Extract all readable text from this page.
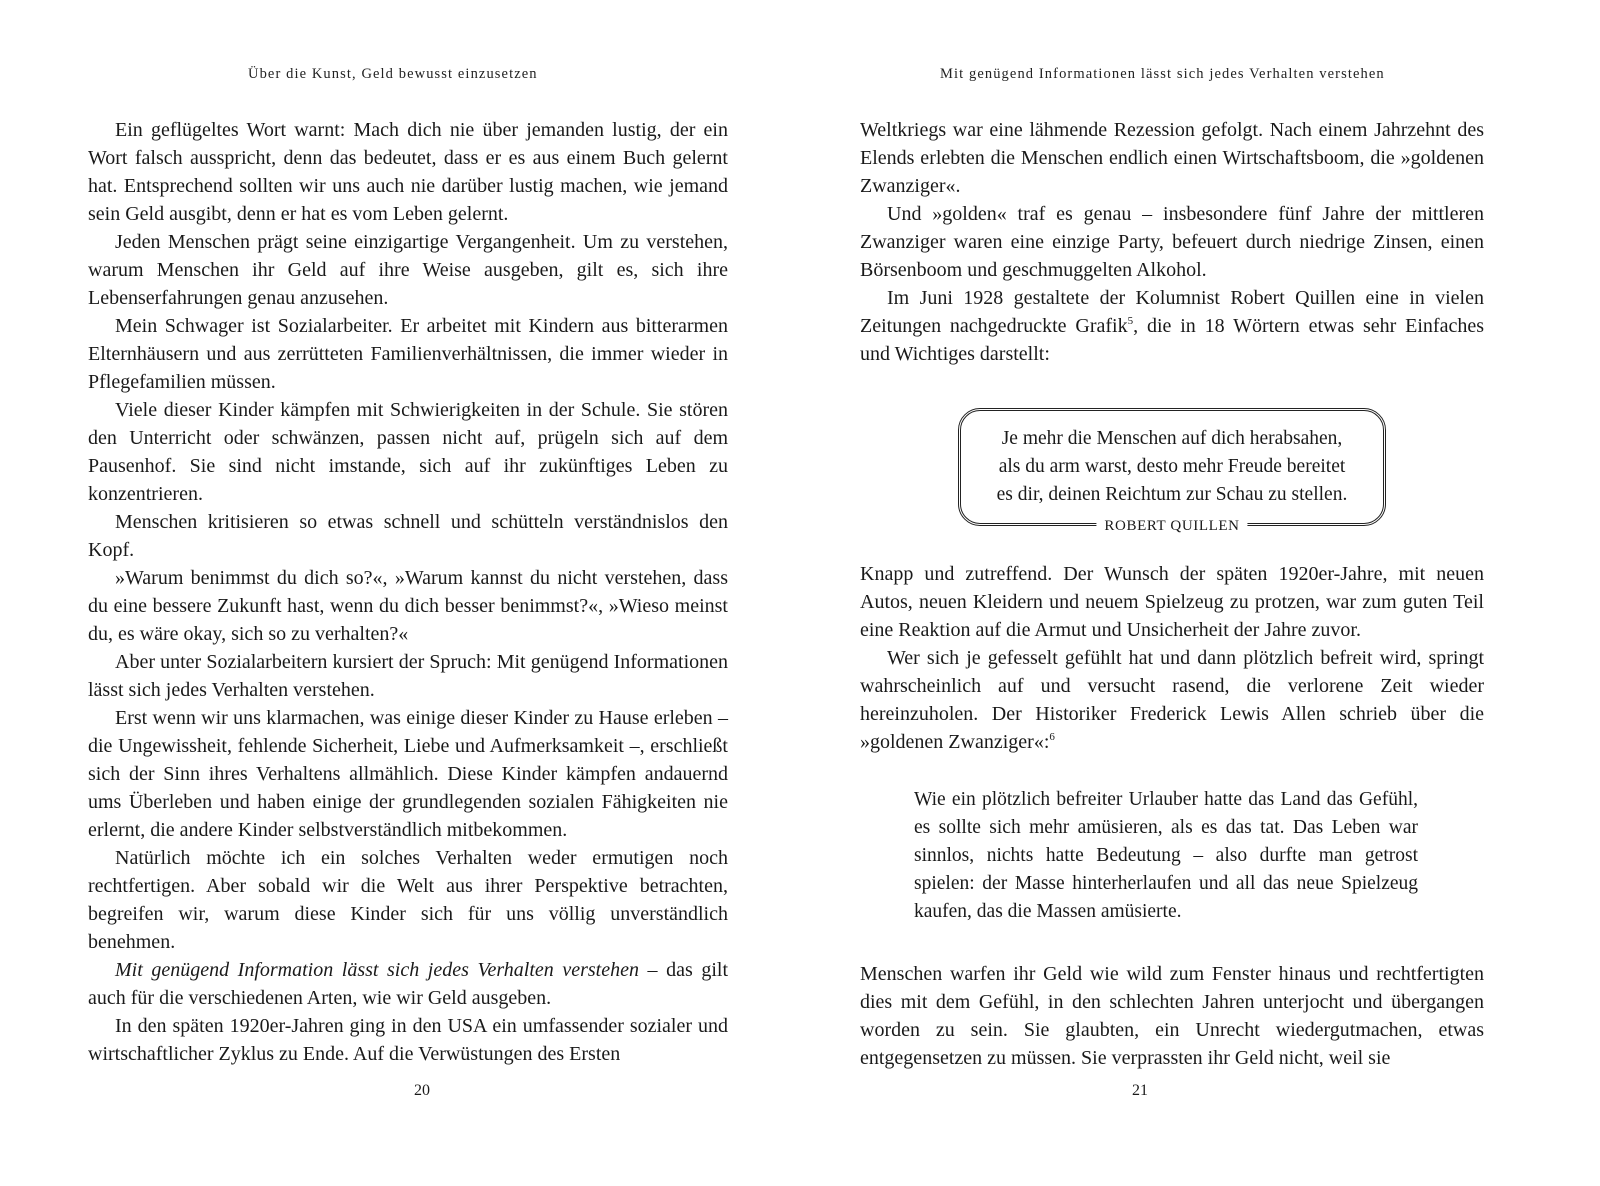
Über die Kunst, Geld bewusst einzusetzen

Ein geflügeltes Wort warnt: Mach dich nie über jemanden lustig, der ein Wort falsch ausspricht, denn das bedeutet, dass er es aus einem Buch gelernt hat. Entsprechend sollten wir uns auch nie darüber lustig machen, wie jemand sein Geld ausgibt, denn er hat es vom Leben gelernt.

Jeden Menschen prägt seine einzigartige Vergangenheit. Um zu verstehen, warum Menschen ihr Geld auf ihre Weise ausgeben, gilt es, sich ihre Lebenserfahrungen genau anzusehen.

Mein Schwager ist Sozialarbeiter. Er arbeitet mit Kindern aus bitterarmen Elternhäusern und aus zerrütteten Familienverhältnissen, die immer wieder in Pflegefamilien müssen.

Viele dieser Kinder kämpfen mit Schwierigkeiten in der Schule. Sie stören den Unterricht oder schwänzen, passen nicht auf, prügeln sich auf dem Pausenhof. Sie sind nicht imstande, sich auf ihr zukünftiges Leben zu konzentrieren.

Menschen kritisieren so etwas schnell und schütteln verständnislos den Kopf.

»Warum benimmst du dich so?«, »Warum kannst du nicht verstehen, dass du eine bessere Zukunft hast, wenn du dich besser benimmst?«, »Wieso meinst du, es wäre okay, sich so zu verhalten?«

Aber unter Sozialarbeitern kursiert der Spruch: Mit genügend Informationen lässt sich jedes Verhalten verstehen.

Erst wenn wir uns klarmachen, was einige dieser Kinder zu Hause erleben – die Ungewissheit, fehlende Sicherheit, Liebe und Aufmerksamkeit –, erschließt sich der Sinn ihres Verhaltens allmählich. Diese Kinder kämpfen andauernd ums Überleben und haben einige der grundlegenden sozialen Fähigkeiten nie erlernt, die andere Kinder selbstverständlich mitbekommen.

Natürlich möchte ich ein solches Verhalten weder ermutigen noch rechtfertigen. Aber sobald wir die Welt aus ihrer Perspektive betrachten, begreifen wir, warum diese Kinder sich für uns völlig unverständlich benehmen.

Mit genügend Information lässt sich jedes Verhalten verstehen – das gilt auch für die verschiedenen Arten, wie wir Geld ausgeben.

In den späten 1920er-Jahren ging in den USA ein umfassender sozialer und wirtschaftlicher Zyklus zu Ende. Auf die Verwüstungen des Ersten

20
Mit genügend Informationen lässt sich jedes Verhalten verstehen

Weltkriegs war eine lähmende Rezession gefolgt. Nach einem Jahrzehnt des Elends erlebten die Menschen endlich einen Wirtschaftsboom, die »goldenen Zwanziger«.

Und »golden« traf es genau – insbesondere fünf Jahre der mittleren Zwanziger waren eine einzige Party, befeuert durch niedrige Zinsen, einen Börsenboom und geschmuggelten Alkohol.

Im Juni 1928 gestaltete der Kolumnist Robert Quillen eine in vielen Zeitungen nachgedruckte Grafik$^5$, die in 18 Wörtern etwas sehr Einfaches und Wichtiges darstellt:

Je mehr die Menschen auf dich herabsahen,
als du arm warst, desto mehr Freude bereitet
es dir, deinen Reichtum zur Schau zu stellen.
ROBERT QUILLEN

Knapp und zutreffend. Der Wunsch der späten 1920er-Jahre, mit neuen Autos, neuen Kleidern und neuem Spielzeug zu protzen, war zum guten Teil eine Reaktion auf die Armut und Unsicherheit der Jahre zuvor.

Wer sich je gefesselt gefühlt hat und dann plötzlich befreit wird, springt wahrscheinlich auf und versucht rasend, die verlorene Zeit wieder hereinzuholen. Der Historiker Frederick Lewis Allen schrieb über die »goldenen Zwanziger«:$^6$

Wie ein plötzlich befreiter Urlauber hatte das Land das Gefühl, es sollte sich mehr amüsieren, als es das tat. Das Leben war sinnlos, nichts hatte Bedeutung – also durfte man getrost spielen: der Masse hinterherlaufen und all das neue Spielzeug kaufen, das die Massen amüsierte.

Menschen warfen ihr Geld wie wild zum Fenster hinaus und rechtfertigten dies mit dem Gefühl, in den schlechten Jahren unterjocht und übergangen worden zu sein. Sie glaubten, ein Unrecht wiedergutmachen, etwas entgegensetzen zu müssen. Sie verprassten ihr Geld nicht, weil sie

21
